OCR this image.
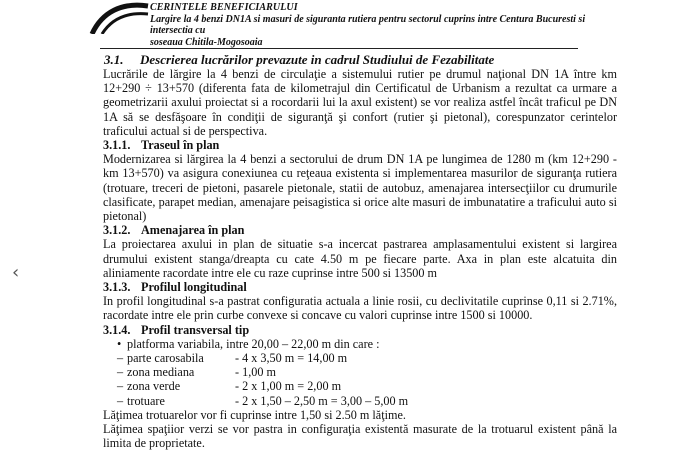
CERINTELE BENEFICIARULUI
Largire la 4 benzi DN1A si masuri de siguranta rutiera pentru sectorul cuprins intre Centura Bucuresti si intersectia cu
soseaua Chitila-Mogosoaia
3.1. Descrierea lucrărilor prevazute in cadrul Studiului de Fezabilitate

Lucrările de lărgire la 4 benzi de circulaţie a sistemului rutier pe drumul naţional DN 1A între km 12+290 ÷ 13+570 (diferenta fata de kilometrajul din Certificatul de Urbanism a rezultat ca urmare a geometrizarii axului proiectat si a rocordarii lui la axul existent) se vor realiza astfel încât traficul pe DN 1A să se desfăşoare în condiţii de siguranţă şi confort (rutier şi pietonal), corespunzator cerintelor traficului actual si de perspectiva.

3.1.1. Traseul în plan

Modernizarea si lărgirea la 4 benzi a sectorului de drum DN 1A pe lungimea de 1280 m (km 12+290 - km 13+570) va asigura conexiunea cu reţeaua existenta si implementarea masurilor de siguranţa rutiera (trotuare, treceri de pietoni, pasarele pietonale, statii de autobuz, amenajarea intersecţiilor cu drumurile clasificate, parapet median, amenajare peisagistica si orice alte masuri de imbunatatire a traficului auto si pietonal)

3.1.2. Amenajarea în plan

La proiectarea axului in plan de situatie s-a incercat pastrarea amplasamentului existent si largirea drumului existent stanga/dreapta cu cate 4.50 m pe fiecare parte. Axa in plan este alcatuita din aliniamente racordate intre ele cu raze cuprinse intre 500 si 13500 m

3.1.3. Profilul longitudinal

In profil longitudinal s-a pastrat configuratia actuala a linie rosii, cu declivitatile cuprinse 0,11 si 2.71%, racordate intre ele prin curbe convexe si concave cu valori cuprinse intre 1500 si 10000.

3.1.4. Profil transversal tip
• platforma variabila, intre 20,00 – 22,00 m din care :
– parte carosabila	- 4 x 3,50 m = 14,00 m
– zona mediana	- 1,00 m
– zona verde	- 2 x 1,00 m = 2,00 m
– trotuare	- 2 x 1,50 – 2,50 m = 3,00 – 5,00 m

Lăţimea trotuarelor vor fi cuprinse intre 1,50 si 2.50 m lăţime.

Lăţimea spaţiior verzi se vor pastra in configuraţia existentă masurate de la trotuarul existent până la limita de proprietate.

‹
